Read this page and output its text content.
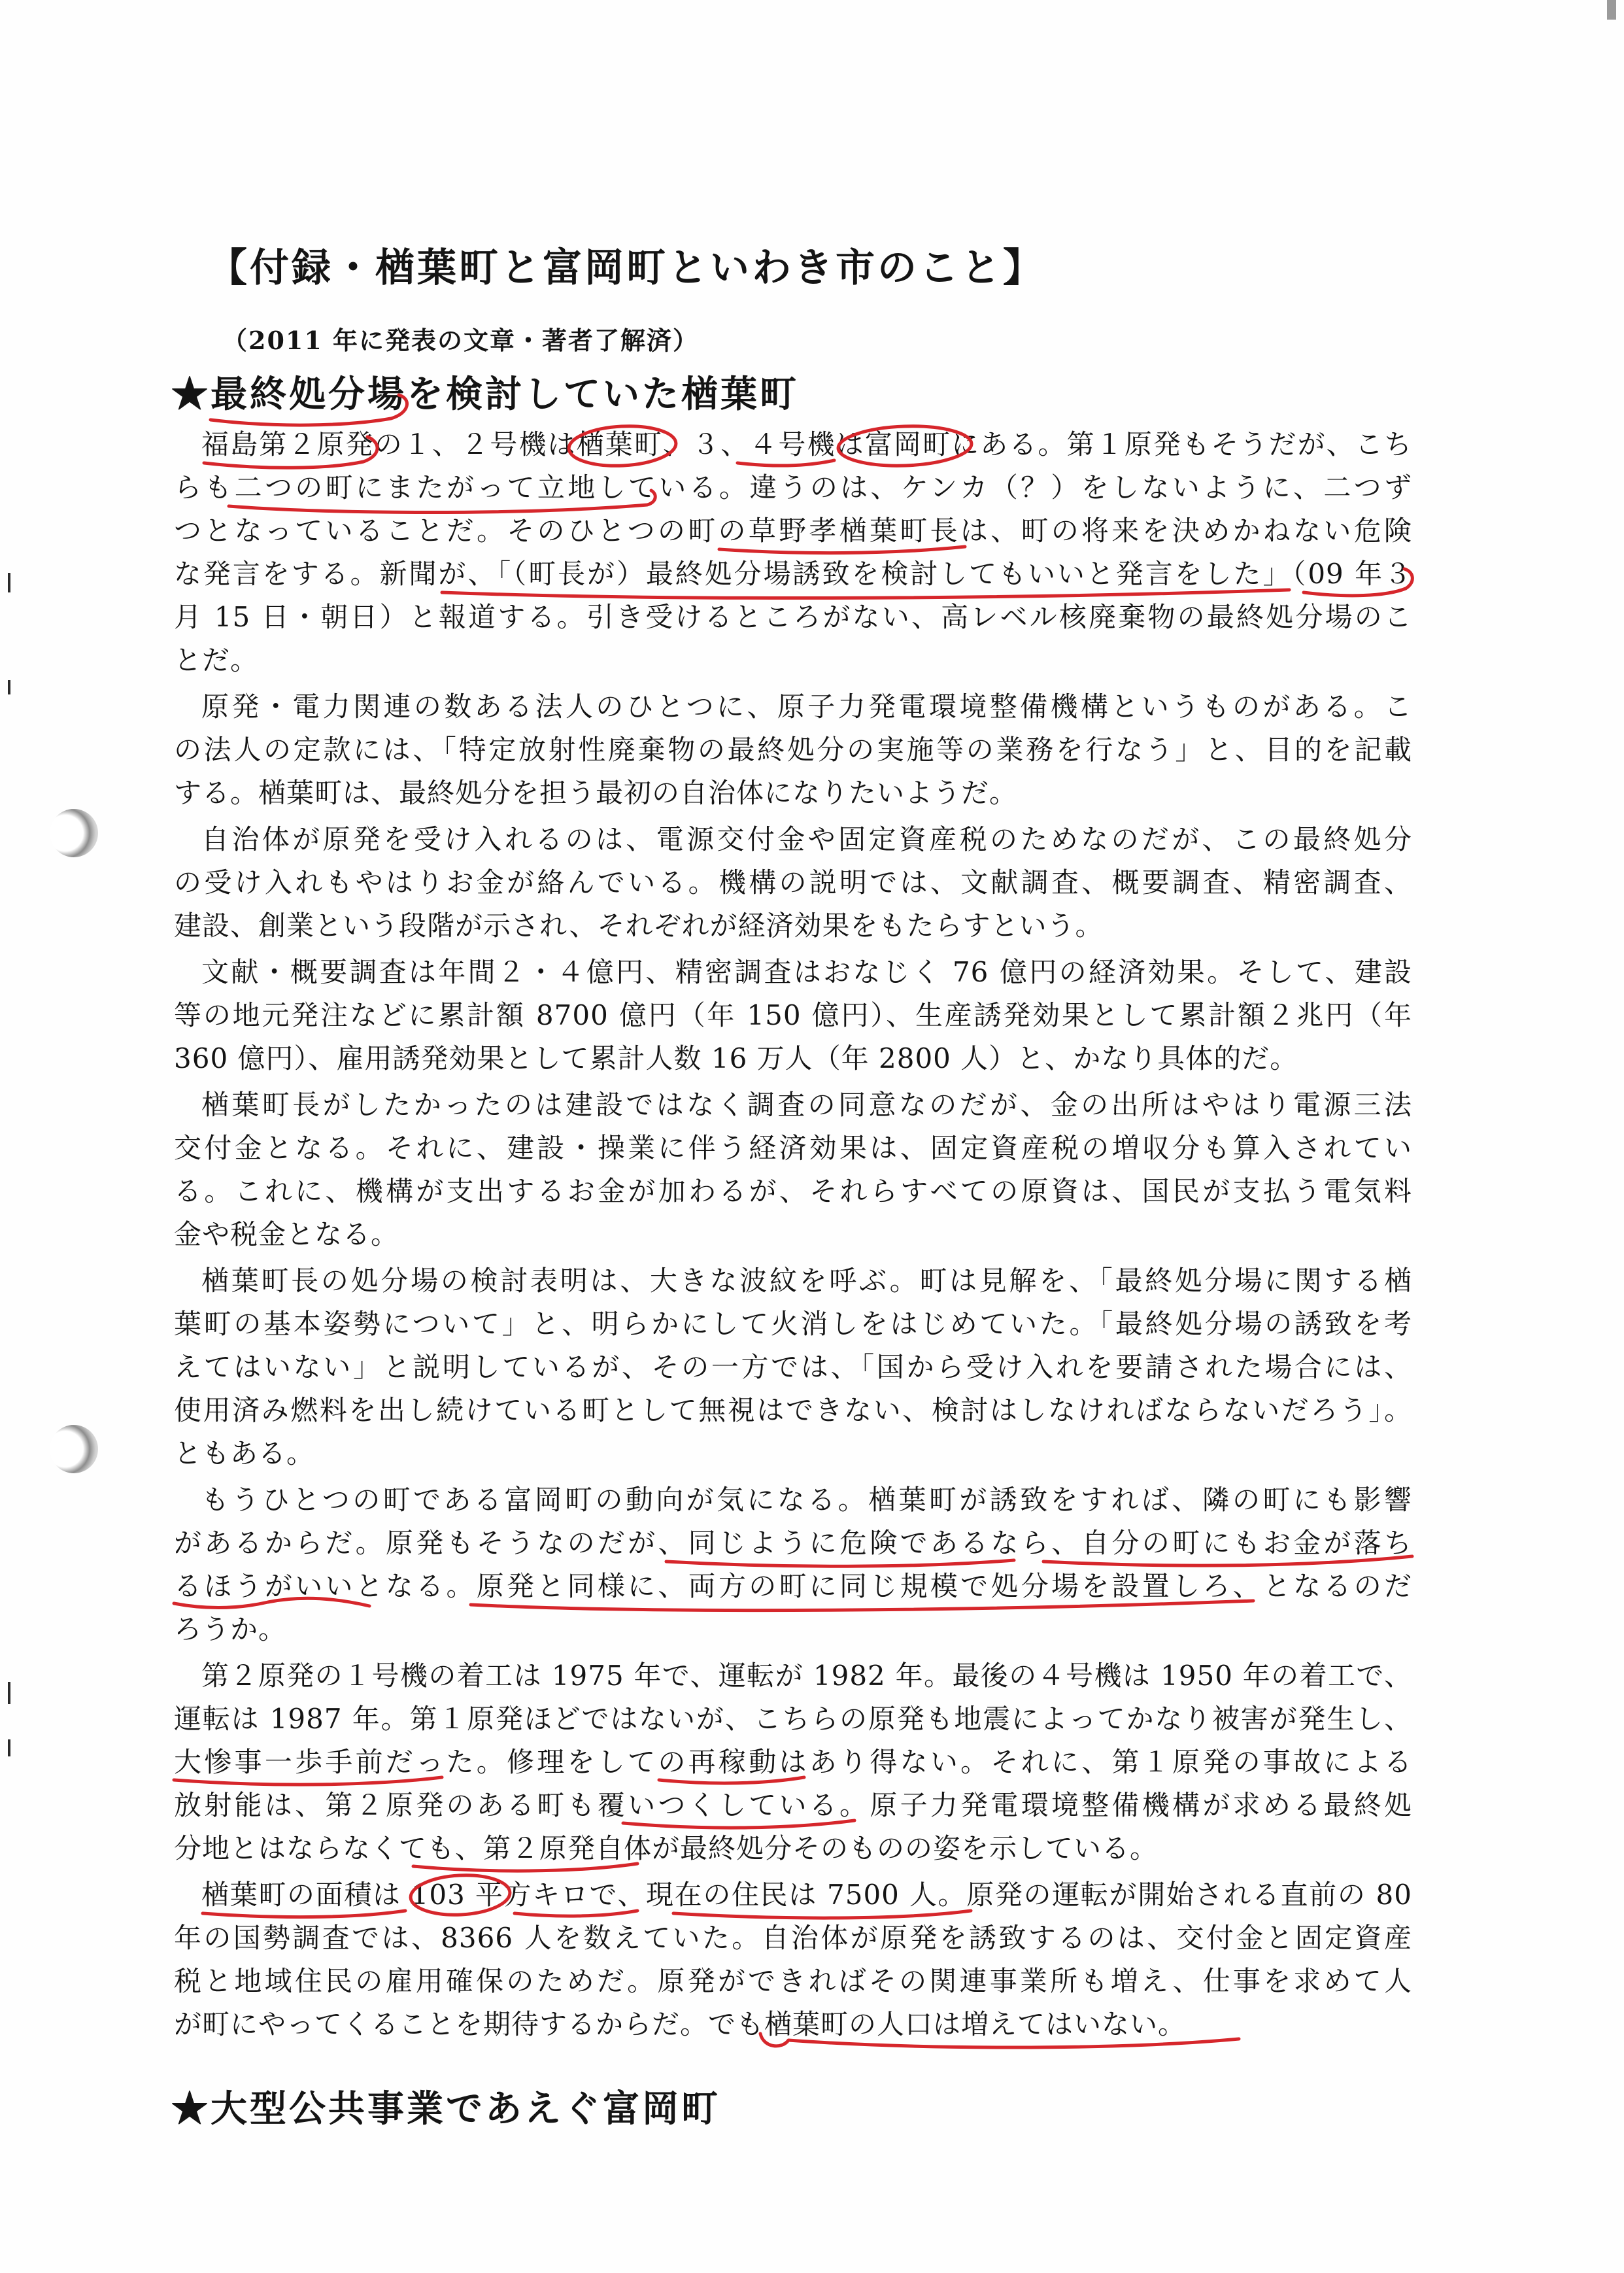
【付録・楢葉町と富岡町といわき市のこと】
（2011 年に発表の文章・著者了解済）
★最終処分場を検討していた楢葉町

福島第２原発の１、２号機は楢葉町、３、４号機は富岡町にある。第１原発もそうだが、こち
らも二つの町にまたがって立地している。違うのは、ケンカ（？）をしないように、二つず
つとなっていることだ。そのひとつの町の草野孝楢葉町長は、町の将来を決めかねない危険
な発言をする。新聞が、「（町長が）最終処分場誘致を検討してもいいと発言をした」（09 年３
月 15 日・朝日）と報道する。引き受けるところがない、高レベル核廃棄物の最終処分場のこ
とだ。

原発・電力関連の数ある法人のひとつに、原子力発電環境整備機構というものがある。こ
の法人の定款には、「特定放射性廃棄物の最終処分の実施等の業務を行なう」と、目的を記載
する。楢葉町は、最終処分を担う最初の自治体になりたいようだ。

自治体が原発を受け入れるのは、電源交付金や固定資産税のためなのだが、この最終処分
の受け入れもやはりお金が絡んでいる。機構の説明では、文献調査、概要調査、精密調査、
建設、創業という段階が示され、それぞれが経済効果をもたらすという。

文献・概要調査は年間２・４億円、精密調査はおなじく 76 億円の経済効果。そして、建設
等の地元発注などに累計額 8700 億円（年 150 億円）、生産誘発効果として累計額２兆円（年
360 億円）、雇用誘発効果として累計人数 16 万人（年 2800 人）と、かなり具体的だ。

楢葉町長がしたかったのは建設ではなく調査の同意なのだが、金の出所はやはり電源三法
交付金となる。それに、建設・操業に伴う経済効果は、固定資産税の増収分も算入されてい
る。これに、機構が支出するお金が加わるが、それらすべての原資は、国民が支払う電気料
金や税金となる。

楢葉町長の処分場の検討表明は、大きな波紋を呼ぶ。町は見解を、「最終処分場に関する楢
葉町の基本姿勢について」と、明らかにして火消しをはじめていた。「最終処分場の誘致を考
えてはいない」と説明しているが、その一方では、「国から受け入れを要請された場合には、
使用済み燃料を出し続けている町として無視はできない、検討はしなければならないだろう」。
ともある。

もうひとつの町である富岡町の動向が気になる。楢葉町が誘致をすれば、隣の町にも影響
があるからだ。原発もそうなのだが、同じように危険であるなら、自分の町にもお金が落ち
るほうがいいとなる。原発と同様に、両方の町に同じ規模で処分場を設置しろ、となるのだ
ろうか。

第２原発の１号機の着工は 1975 年で、運転が 1982 年。最後の４号機は 1950 年の着工で、
運転は 1987 年。第１原発ほどではないが、こちらの原発も地震によってかなり被害が発生し、
大惨事一歩手前だった。修理をしての再稼動はあり得ない。それに、第１原発の事故による
放射能は、第２原発のある町も覆いつくしている。原子力発電環境整備機構が求める最終処
分地とはならなくても、第２原発自体が最終処分そのものの姿を示している。

楢葉町の面積は 103 平方キロで、現在の住民は 7500 人。原発の運転が開始される直前の 80
年の国勢調査では、8366 人を数えていた。自治体が原発を誘致するのは、交付金と固定資産
税と地域住民の雇用確保のためだ。原発ができればその関連事業所も増え、仕事を求めて人
が町にやってくることを期待するからだ。でも楢葉町の人口は増えてはいない。

★大型公共事業であえぐ富岡町
